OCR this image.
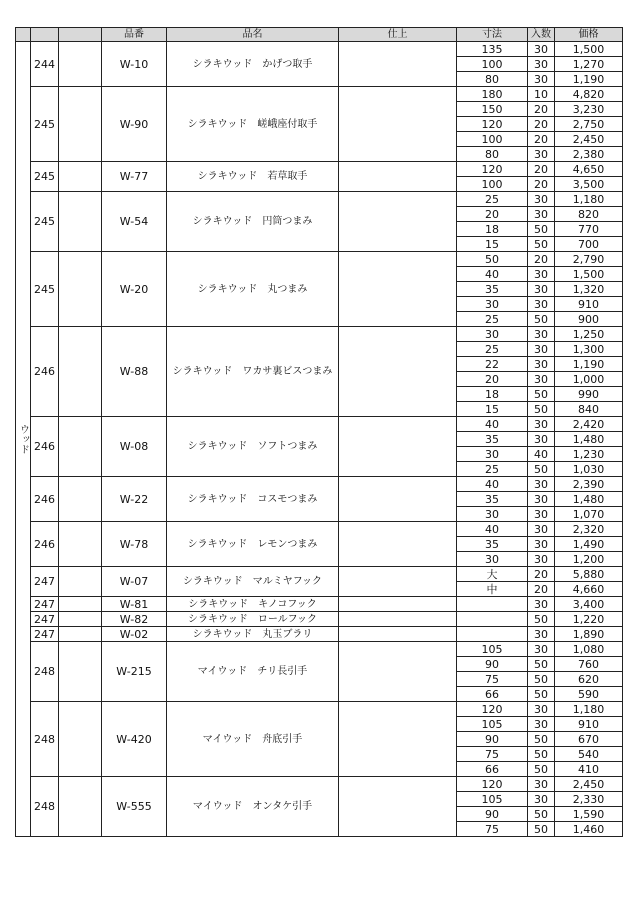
			品番	品名	仕上	寸法	入数	価格
ウッド	244		W-10	シラキウッド　かげつ取手		135	30	1,500
						100	30	1,270
						80	30	1,190
	245		W-90	シラキウッド　嵯峨座付取手		180	10	4,820
						150	20	3,230
						120	20	2,750
						100	20	2,450
						80	30	2,380
	245		W-77	シラキウッド　若草取手		120	20	4,650
						100	20	3,500
	245		W-54	シラキウッド　円筒つまみ		25	30	1,180
						20	30	820
						18	50	770
						15	50	700
	245		W-20	シラキウッド　丸つまみ		50	20	2,790
						40	30	1,500
						35	30	1,320
						30	30	910
						25	50	900
	246		W-88	シラキウッド　ワカサ裏ビスつまみ		30	30	1,250
						25	30	1,300
						22	30	1,190
						20	30	1,000
						18	50	990
						15	50	840
	246		W-08	シラキウッド　ソフトつまみ		40	30	2,420
						35	30	1,480
						30	40	1,230
						25	50	1,030
	246		W-22	シラキウッド　コスモつまみ		40	30	2,390
						35	30	1,480
						30	30	1,070
	246		W-78	シラキウッド　レモンつまみ		40	30	2,320
						35	30	1,490
						30	30	1,200
	247		W-07	シラキウッド　マルミヤフック		大	20	5,880
						中	20	4,660
	247		W-81	シラキウッド　キノコフック			30	3,400
	247		W-82	シラキウッド　ロールフック			50	1,220
	247		W-02	シラキウッド　丸玉ブラリ			30	1,890
	248		W-215	マイウッド　チリ長引手		105	30	1,080
						90	50	760
						75	50	620
						66	50	590
	248		W-420	マイウッド　舟底引手		120	30	1,180
						105	30	910
						90	50	670
						75	50	540
						66	50	410
	248		W-555	マイウッド　オンタケ引手		120	30	2,450
						105	30	2,330
						90	50	1,590
						75	50	1,460
